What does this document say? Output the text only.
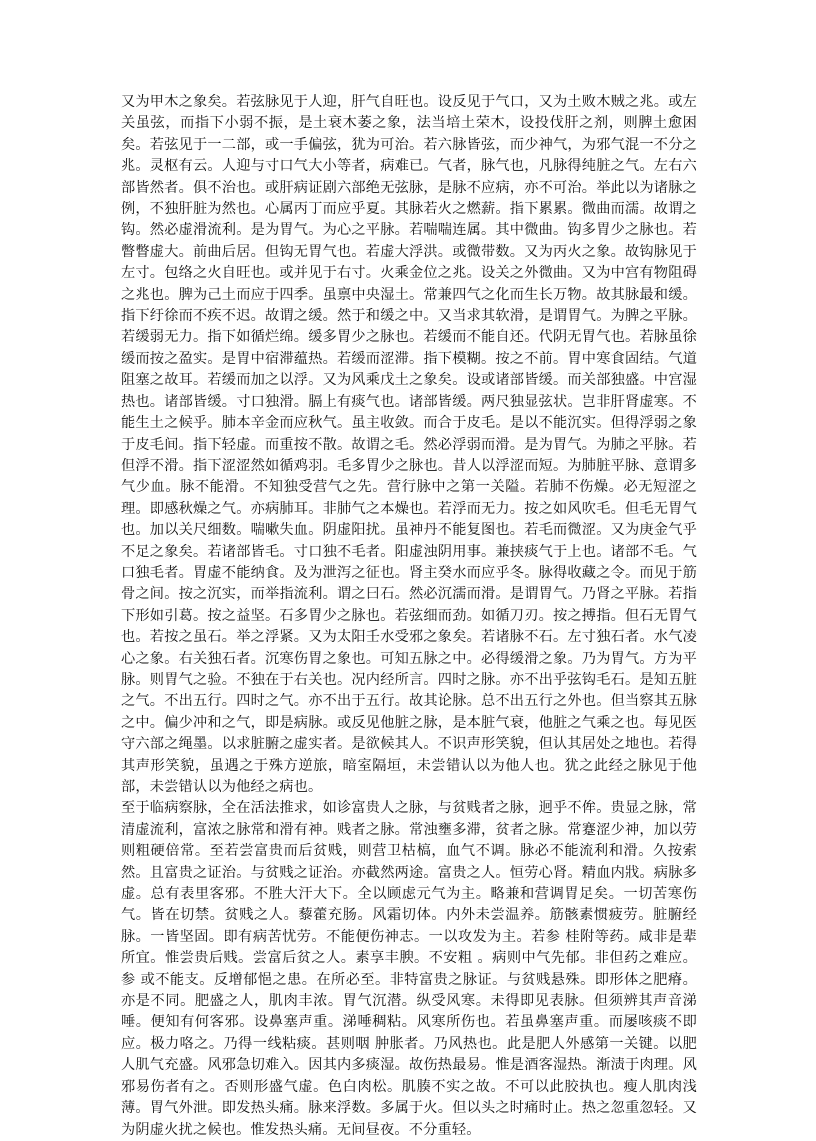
又为甲木之象矣。若弦脉见于人迎，肝气自旺也。设反见于气口，又为土败木贼之兆。或左关虽弦，而指下小弱不振，是土衰木萎之象，法当培土荣木，设投伐肝之剂，则脾土愈困矣。若弦见于一二部，或一手偏弦，犹为可治。若六脉皆弦，而少神气，为邪气混一不分之兆。灵枢有云。人迎与寸口气大小等者，病难已。气者，脉气也，凡脉得纯脏之气。左右六部皆然者。俱不治也。或肝病证剧六部绝无弦脉，是脉不应病，亦不可治。举此以为诸脉之例，不独肝脏为然也。心属丙丁而应乎夏。其脉若火之燃薪。指下累累。微曲而濡。故谓之钩。然必虚滑流利。是为胃气。为心之平脉。若喘喘连属。其中微曲。钩多胃少之脉也。若瞥瞥虚大。前曲后居。但钩无胃气也。若虚大浮洪。或微带数。又为丙火之象。故钩脉见于左寸。包络之火自旺也。或并见于右寸。火乘金位之兆。设关之外微曲。又为中宫有物阻碍之兆也。脾为己土而应于四季。虽禀中央湿土。常兼四气之化而生长万物。故其脉最和缓。指下纡徐而不疾不迟。故谓之缓。然于和缓之中。又当求其软滑，是谓胃气。为脾之平脉。若缓弱无力。指下如循烂绵。缓多胃少之脉也。若缓而不能自还。代阴无胃气也。若脉虽徐缓而按之盈实。是胃中宿滞蕴热。若缓而涩滞。指下模糊。按之不前。胃中寒食固结。气道阻塞之故耳。若缓而加之以浮。又为风乘戊土之象矣。设或诸部皆缓。而关部独盛。中宫湿热也。诸部皆缓。寸口独滑。膈上有痰气也。诸部皆缓。两尺独显弦状。岂非肝肾虚寒。不能生土之候乎。肺本辛金而应秋气。虽主收敛。而合于皮毛。是以不能沉实。但得浮弱之象于皮毛间。指下轻虚。而重按不散。故谓之毛。然必浮弱而滑。是为胃气。为肺之平脉。若但浮不滑。指下涩涩然如循鸡羽。毛多胃少之脉也。昔人以浮涩而短。为肺脏平脉、意谓多气少血。脉不能滑。不知独受营气之先。营行脉中之第一关隘。若肺不伤燥。必无短涩之理。即感秋燥之气。亦病肺耳。非肺气之本燥也。若浮而无力。按之如风吹毛。但毛无胃气也。加以关尺细数。喘嗽失血。阴虚阳扰。虽神丹不能复图也。若毛而微涩。又为庚金气乎不足之象矣。若诸部皆毛。寸口独不毛者。阳虚浊阴用事。兼挟痰气于上也。诸部不毛。气口独毛者。胃虚不能纳食。及为泄泻之征也。肾主癸水而应乎冬。脉得收藏之令。而见于筋骨之间。按之沉实，而举指流利。谓之曰石。然必沉濡而滑。是谓胃气。乃肾之平脉。若指下形如引葛。按之益坚。石多胃少之脉也。若弦细而劲。如循刀刃。按之搏指。但石无胃气也。若按之虽石。举之浮紧。又为太阳壬水受邪之象矣。若诸脉不石。左寸独石者。水气凌心之象。右关独石者。沉寒伤胃之象也。可知五脉之中。必得缓滑之象。乃为胃气。方为平脉。则胃气之验。不独在于右关也。况内经所言。四时之脉。亦不出乎弦钩毛石。是知五脏之气。不出五行。四时之气。亦不出于五行。故其论脉。总不出五行之外也。但当察其五脉之中。偏少冲和之气，即是病脉。或反见他脏之脉，是本脏气衰，他脏之气乘之也。每见医守六部之绳墨。以求脏腑之虚实者。是欲候其人。不识声形笑貌，但认其居处之地也。若得其声形笑貌，虽遇之于殊方逆旅，暗室隔垣，未尝错认以为他人也。犹之此经之脉见于他部，未尝错认以为他经之病也。

至于临病察脉，全在活法推求，如诊富贵人之脉，与贫贱者之脉，迥乎不侔。贵显之脉，常清虚流利，富浓之脉常和滑有神。贱者之脉。常浊壅多滞，贫者之脉。常蹇涩少神，加以劳 则粗硬倍常。至若尝富贵而后贫贱，则营卫枯槁，血气不调。脉必不能流利和滑。久按索然。且富贵之证治。与贫贱之证治。亦截然两途。富贵之人。恒劳心肾。精血内戕。病脉多虚。总有表里客邪。不胜大汗大下。全以顾虑元气为主。略兼和营调胃足矣。一切苦寒伤气。皆在切禁。贫贱之人。藜藿充肠。风霜切体。内外未尝温养。筋骸素惯疲劳。脏腑经脉。一皆坚固。即有病苦忧劳。不能便伤神志。一以攻发为主。若参 桂附等药。咸非是辈所宜。惟尝贵后贱。尝富后贫之人。素享丰腴。不安粗 。病则中气先郁。非但药之难应。参 或不能支。反增郁悒之患。在所必至。非特富贵之脉证。与贫贱悬殊。即形体之肥瘠。亦是不同。肥盛之人，肌肉丰浓。胃气沉潜。纵受风寒。未得即见表脉。但须辨其声音涕唾。便知有何客邪。设鼻塞声重。涕唾稠粘。风寒所伤也。若虽鼻塞声重。而屡咳痰不即应。极力咯之。乃得一线粘痰。甚则咽 肿胀者。乃风热也。此是肥人外感第一关键。以肥人肌气充盛。风邪急切难入。因其内多痰湿。故伤热最易。惟是酒客湿热。渐渍于肉理。风邪易伤者有之。否则形盛气虚。色白肉松。肌腠不实之故。不可以此胶执也。瘦人肌肉浅薄。胃气外泄。即发热头痛。脉来浮数。多属于火。但以头之时痛时止。热之忽重忽轻。又为阴虚火扰之候也。惟发热头痛。无间昼夜。不分重轻。
